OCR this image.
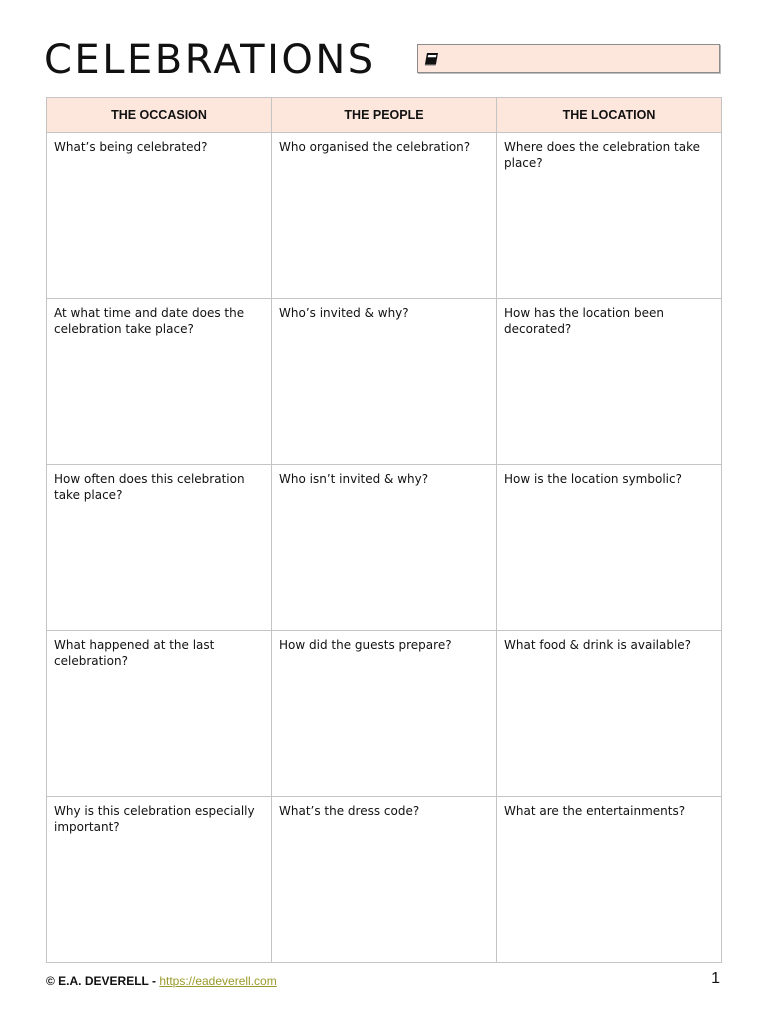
CELEBRATIONS
THE OCCASION	THE PEOPLE	THE LOCATION
What’s being celebrated?	Who organised the celebration?	Where does the celebration take place?
At what time and date does the celebration take place?	Who’s invited & why?	How has the location been decorated?
How often does this celebration take place?	Who isn’t invited & why?	How is the location symbolic?
What happened at the last celebration?	How did the guests prepare?	What food & drink is available?
Why is this celebration especially important?	What’s the dress code?	What are the entertainments?
© E.A. DEVERELL - https://eadeverell.com	1
